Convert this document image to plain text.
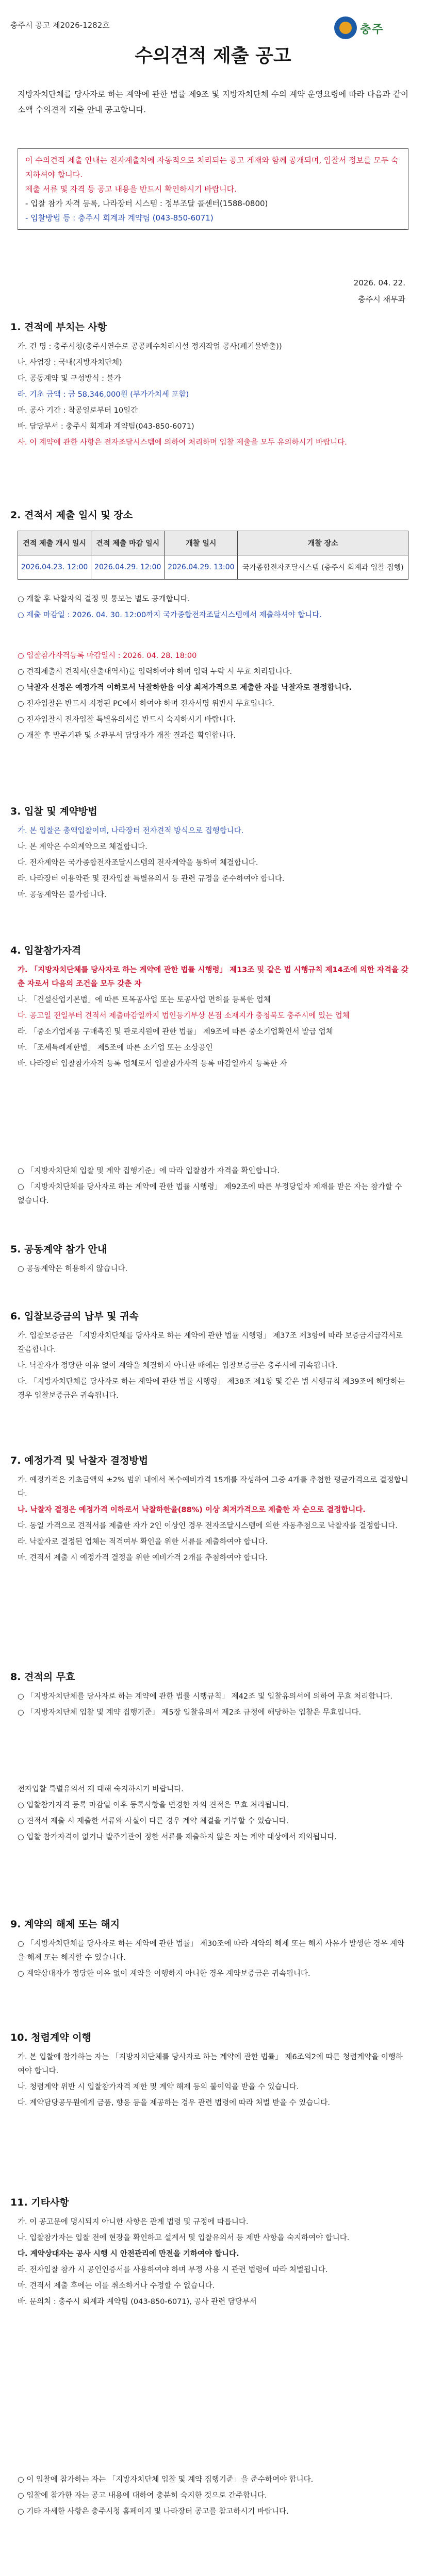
충주시 공고 제2026-1282호	충주
수의견적 제출 공고
지방자치단체를 당사자로 하는 계약에 관한 법률 제9조 및 지방자치단체 수의 계약 운영요령에 따라 다음과 같이 소액 수의견적 제출 안내 공고합니다.
이 수의견적 제출 안내는 전자계출처에 자동적으로 처리되는 공고 게재와 함께 공개되며, 입찰서 정보를 모두 숙지하셔야 합니다.
제출 서류 및 자격 등 공고 내용을 반드시 확인하시기 바랍니다.
- 입찰 참가 자격 등록, 나라장터 시스템 : 정부조달 콜센터(1588-0800)
- 입찰방법 등 : 충주시 회계과 계약팀 (043-850-6071)
2026. 04. 22.
충주시 재무과
1. 견적에 부치는 사항

가. 건 명 : 충주시청(충주시연수로 공공폐수처리시설 정지작업 공사(폐기물반출))

나. 사업장 : 국내(지방자치단체)

다. 공동계약 및 구성방식 : 불가

라. 기초 금액 : 금 58,346,000원 (부가가치세 포함)

마. 공사 기간 : 착공일로부터 10일간

바. 담당부서 : 충주시 회계과 계약팀(043-850-6071)

사. 이 계약에 관한 사항은 전자조달시스템에 의하여 처리하며 입찰 제출을 모두 유의하시기 바랍니다.

2. 견적서 제출 일시 및 장소
견적 제출 개시 일시	견적 제출 마감 일시	개찰 일시	개찰 장소
2026.04.23. 12:00	2026.04.29. 12:00	2026.04.29. 13:00	국가종합전자조달시스템 (충주시 회계과 입찰 집행)

○ 개찰 후 낙찰자의 결정 및 통보는 별도 공개합니다.

○ 제출 마감일 : 2026. 04. 30. 12:00까지 국가종합전자조달시스템에서 제출하셔야 합니다.

○ 입찰참가자격등록 마감일시 : 2026. 04. 28. 18:00

○ 견적제출시 견적서(산출내역서)를 입력하여야 하며 입력 누락 시 무효 처리됩니다.

○ 낙찰자 선정은 예정가격 이하로서 낙찰하한율 이상 최저가격으로 제출한 자를 낙찰자로 결정합니다.

○ 전자입찰은 반드시 지정된 PC에서 하여야 하며 전자서명 위반시 무효입니다.

○ 전자입찰시 전자입찰 특별유의서를 반드시 숙지하시기 바랍니다.

○ 개찰 후 발주기관 및 소관부서 담당자가 개찰 결과를 확인합니다.

3. 입찰 및 계약방법

가. 본 입찰은 총액입찰이며, 나라장터 전자견적 방식으로 집행합니다.

나. 본 계약은 수의계약으로 체결합니다.

다. 전자계약은 국가종합전자조달시스템의 전자계약을 통하여 체결합니다.

라. 나라장터 이용약관 및 전자입찰 특별유의서 등 관련 규정을 준수하여야 합니다.

마. 공동계약은 불가합니다.

4. 입찰참가자격

가. 「지방자치단체를 당사자로 하는 계약에 관한 법률 시행령」 제13조 및 같은 법 시행규칙 제14조에 의한 자격을 갖춘 자로서 다음의 조건을 모두 갖춘 자

나. 「건설산업기본법」에 따른 토목공사업 또는 토공사업 면허를 등록한 업체

다. 공고일 전일부터 견적서 제출마감일까지 법인등기부상 본점 소재지가 충청북도 충주시에 있는 업체

라. 「중소기업제품 구매촉진 및 판로지원에 관한 법률」 제9조에 따른 중소기업확인서 발급 업체

마. 「조세특례제한법」 제5조에 따른 소기업 또는 소상공인

바. 나라장터 입찰참가자격 등록 업체로서 입찰참가자격 등록 마감일까지 등록한 자

○ 「지방자치단체 입찰 및 계약 집행기준」에 따라 입찰참가 자격을 확인합니다.

○ 「지방자치단체를 당사자로 하는 계약에 관한 법률 시행령」 제92조에 따른 부정당업자 제재를 받은 자는 참가할 수 없습니다.

5. 공동계약 참가 안내

○ 공동계약은 허용하지 않습니다.

6. 입찰보증금의 납부 및 귀속

가. 입찰보증금은 「지방자치단체를 당사자로 하는 계약에 관한 법률 시행령」 제37조 제3항에 따라 보증금지급각서로 갈음합니다.

나. 낙찰자가 정당한 이유 없이 계약을 체결하지 아니한 때에는 입찰보증금은 충주시에 귀속됩니다.

다. 「지방자치단체를 당사자로 하는 계약에 관한 법률 시행령」 제38조 제1항 및 같은 법 시행규칙 제39조에 해당하는 경우 입찰보증금은 귀속됩니다.

7. 예정가격 및 낙찰자 결정방법

가. 예정가격은 기초금액의 ±2% 범위 내에서 복수예비가격 15개를 작성하여 그중 4개를 추첨한 평균가격으로 결정합니다.

나. 낙찰자 결정은 예정가격 이하로서 낙찰하한율(88%) 이상 최저가격으로 제출한 자 순으로 결정합니다.

다. 동일 가격으로 견적서를 제출한 자가 2인 이상인 경우 전자조달시스템에 의한 자동추첨으로 낙찰자를 결정합니다.

라. 낙찰자로 결정된 업체는 적격여부 확인을 위한 서류를 제출하여야 합니다.

마. 견적서 제출 시 예정가격 결정을 위한 예비가격 2개를 추첨하여야 합니다.

8. 견적의 무효

○ 「지방자치단체를 당사자로 하는 계약에 관한 법률 시행규칙」 제42조 및 입찰유의서에 의하여 무효 처리합니다.

○ 「지방자치단체 입찰 및 계약 집행기준」 제5장 입찰유의서 제2조 규정에 해당하는 입찰은 무효입니다.

전자입찰 특별유의서 제 대해 숙지하시기 바랍니다.

○ 입찰참가자격 등록 마감일 이후 등록사항을 변경한 자의 견적은 무효 처리됩니다.

○ 견적서 제출 시 제출한 서류와 사실이 다른 경우 계약 체결을 거부할 수 있습니다.

○ 입찰 참가자격이 없거나 발주기관이 정한 서류를 제출하지 않은 자는 계약 대상에서 제외됩니다.

9. 계약의 해제 또는 해지

○ 「지방자치단체를 당사자로 하는 계약에 관한 법률」 제30조에 따라 계약의 해제 또는 해지 사유가 발생한 경우 계약을 해제 또는 해지할 수 있습니다.

○ 계약상대자가 정당한 이유 없이 계약을 이행하지 아니한 경우 계약보증금은 귀속됩니다.

10. 청렴계약 이행

가. 본 입찰에 참가하는 자는 「지방자치단체를 당사자로 하는 계약에 관한 법률」 제6조의2에 따른 청렴계약을 이행하여야 합니다.

나. 청렴계약 위반 시 입찰참가자격 제한 및 계약 해제 등의 불이익을 받을 수 있습니다.

다. 계약담당공무원에게 금품, 향응 등을 제공하는 경우 관련 법령에 따라 처벌 받을 수 있습니다.

11. 기타사항

가. 이 공고문에 명시되지 아니한 사항은 관계 법령 및 규정에 따릅니다.

나. 입찰참가자는 입찰 전에 현장을 확인하고 설계서 및 입찰유의서 등 제반 사항을 숙지하여야 합니다.

다. 계약상대자는 공사 시행 시 안전관리에 만전을 기하여야 합니다.

라. 전자입찰 참가 시 공인인증서를 사용하여야 하며 부정 사용 시 관련 법령에 따라 처벌됩니다.

마. 견적서 제출 후에는 이를 취소하거나 수정할 수 없습니다.

바. 문의처 : 충주시 회계과 계약팀 (043-850-6071), 공사 관련 담당부서

○ 이 입찰에 참가하는 자는 「지방자치단체 입찰 및 계약 집행기준」을 준수하여야 합니다.

○ 입찰에 참가한 자는 공고 내용에 대하여 충분히 숙지한 것으로 간주합니다.

○ 기타 자세한 사항은 충주시청 홈페이지 및 나라장터 공고를 참고하시기 바랍니다.
